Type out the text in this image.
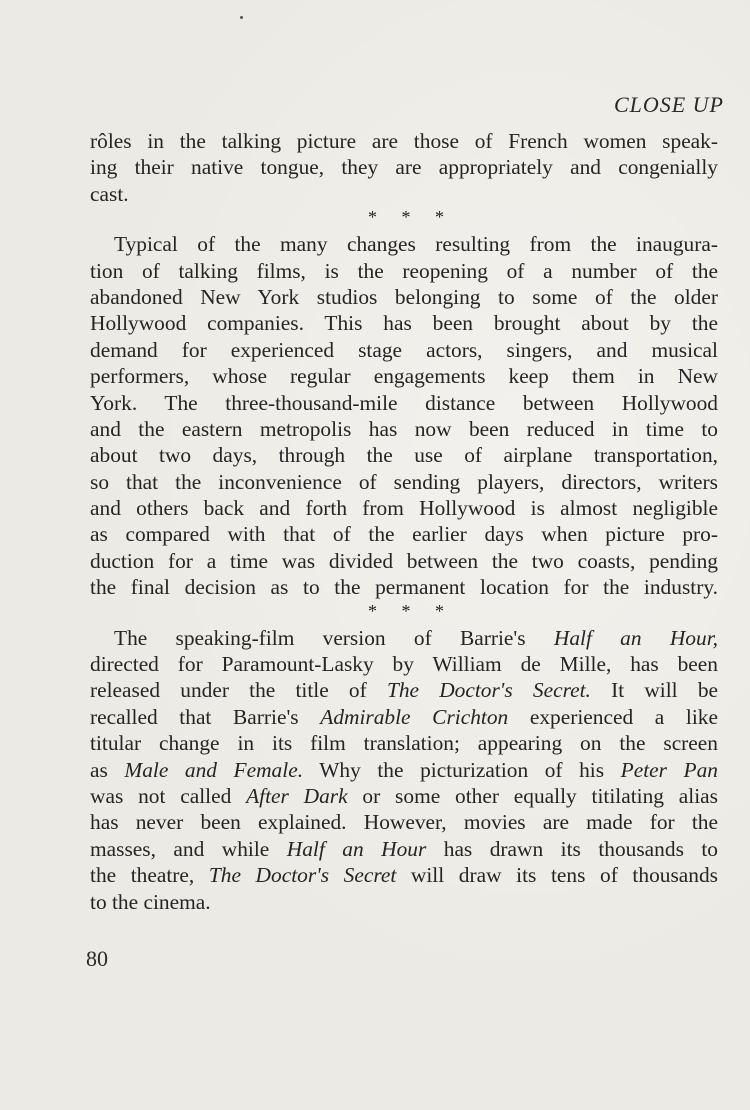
CLOSE UP
rôles in the talking picture are those of French women speak-
ing their native tongue, they are appropriately and congenially
cast.
* * *
Typical of the many changes resulting from the inaugura-
tion of talking films, is the reopening of a number of the
abandoned New York studios belonging to some of the older
Hollywood companies. This has been brought about by the
demand for experienced stage actors, singers, and musical
performers, whose regular engagements keep them in New
York. The three-thousand-mile distance between Hollywood
and the eastern metropolis has now been reduced in time to
about two days, through the use of airplane transportation,
so that the inconvenience of sending players, directors, writers
and others back and forth from Hollywood is almost negligible
as compared with that of the earlier days when picture pro-
duction for a time was divided between the two coasts, pending
the final decision as to the permanent location for the industry.
* * *
The speaking-film version of Barrie's Half an Hour,
directed for Paramount-Lasky by William de Mille, has been
released under the title of The Doctor's Secret. It will be
recalled that Barrie's Admirable Crichton experienced a like
titular change in its film translation; appearing on the screen
as Male and Female. Why the picturization of his Peter Pan
was not called After Dark or some other equally titilating alias
has never been explained. However, movies are made for the
masses, and while Half an Hour has drawn its thousands to
the theatre, The Doctor's Secret will draw its tens of thousands
to the cinema.
80
